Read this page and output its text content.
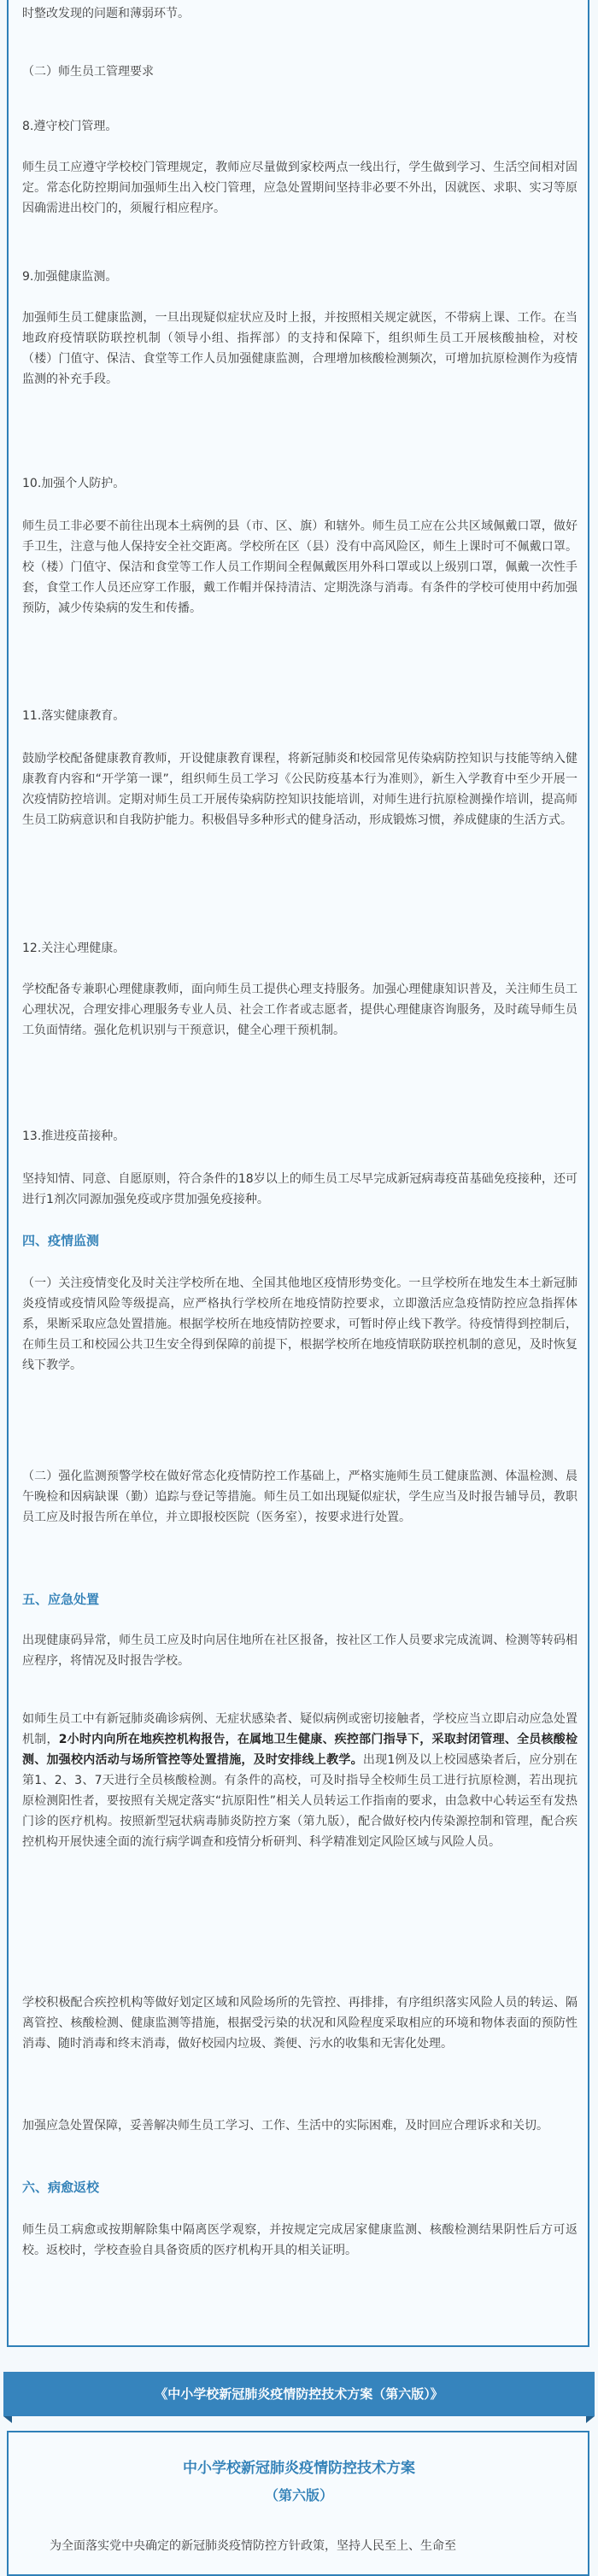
时整改发现的问题和薄弱环节。

（二）师生员工管理要求

8.遵守校门管理。

师生员工应遵守学校校门管理规定，教师应尽量做到家校两点一线出行，学生做到学习、生活空间相对固定。常态化防控期间加强师生出入校门管理，应急处置期间坚持非必要不外出，因就医、求职、实习等原因确需进出校门的，须履行相应程序。

9.加强健康监测。

加强师生员工健康监测，一旦出现疑似症状应及时上报，并按照相关规定就医，不带病上课、工作。在当地政府疫情联防联控机制（领导小组、指挥部）的支持和保障下，组织师生员工开展核酸抽检，对校（楼）门值守、保洁、食堂等工作人员加强健康监测，合理增加核酸检测频次，可增加抗原检测作为疫情监测的补充手段。

10.加强个人防护。

师生员工非必要不前往出现本土病例的县（市、区、旗）和辖外。师生员工应在公共区域佩戴口罩，做好手卫生，注意与他人保持安全社交距离。学校所在区（县）没有中高风险区，师生上课时可不佩戴口罩。校（楼）门值守、保洁和食堂等工作人员工作期间全程佩戴医用外科口罩或以上级别口罩，佩戴一次性手套，食堂工作人员还应穿工作服，戴工作帽并保持清洁、定期洗涤与消毒。有条件的学校可使用中药加强预防，减少传染病的发生和传播。

11.落实健康教育。

鼓励学校配备健康教育教师，开设健康教育课程，将新冠肺炎和校园常见传染病防控知识与技能等纳入健康教育内容和“开学第一课”，组织师生员工学习《公民防疫基本行为准则》，新生入学教育中至少开展一次疫情防控培训。定期对师生员工开展传染病防控知识技能培训，对师生进行抗原检测操作培训，提高师生员工防病意识和自我防护能力。积极倡导多种形式的健身活动，形成锻炼习惯，养成健康的生活方式。

12.关注心理健康。

学校配备专兼职心理健康教师，面向师生员工提供心理支持服务。加强心理健康知识普及，关注师生员工心理状况，合理安排心理服务专业人员、社会工作者或志愿者，提供心理健康咨询服务，及时疏导师生员工负面情绪。强化危机识别与干预意识，健全心理干预机制。

13.推进疫苗接种。

坚持知情、同意、自愿原则，符合条件的18岁以上的师生员工尽早完成新冠病毒疫苗基础免疫接种，还可进行1剂次同源加强免疫或序贯加强免疫接种。

四、疫情监测

（一）关注疫情变化及时关注学校所在地、全国其他地区疫情形势变化。一旦学校所在地发生本土新冠肺炎疫情或疫情风险等级提高，应严格执行学校所在地疫情防控要求，立即激活应急疫情防控应急指挥体系，果断采取应急处置措施。根据学校所在地疫情防控要求，可暂时停止线下教学。待疫情得到控制后，在师生员工和校园公共卫生安全得到保障的前提下，根据学校所在地疫情联防联控机制的意见，及时恢复线下教学。

（二）强化监测预警学校在做好常态化疫情防控工作基础上，严格实施师生员工健康监测、体温检测、晨午晚检和因病缺课（勤）追踪与登记等措施。师生员工如出现疑似症状，学生应当及时报告辅导员，教职员工应及时报告所在单位，并立即报校医院（医务室），按要求进行处置。

五、应急处置

出现健康码异常，师生员工应及时向居住地所在社区报备，按社区工作人员要求完成流调、检测等转码相应程序，将情况及时报告学校。

如师生员工中有新冠肺炎确诊病例、无症状感染者、疑似病例或密切接触者，学校应当立即启动应急处置机制，2小时内向所在地疾控机构报告，在属地卫生健康、疾控部门指导下，采取封闭管理、全员核酸检测、加强校内活动与场所管控等处置措施，及时安排线上教学。出现1例及以上校园感染者后，应分别在第1、2、3、7天进行全员核酸检测。有条件的高校，可及时指导全校师生员工进行抗原检测，若出现抗原检测阳性者，要按照有关规定落实“抗原阳性”相关人员转运工作指南的要求，由急救中心转运至有发热门诊的医疗机构。按照新型冠状病毒肺炎防控方案（第九版），配合做好校内传染源控制和管理，配合疾控机构开展快速全面的流行病学调查和疫情分析研判、科学精准划定风险区域与风险人员。

学校积极配合疾控机构等做好划定区域和风险场所的先管控、再排排，有序组织落实风险人员的转运、隔离管控、核酸检测、健康监测等措施，根据受污染的状况和风险程度采取相应的环境和物体表面的预防性消毒、随时消毒和终末消毒，做好校园内垃圾、粪便、污水的收集和无害化处理。

加强应急处置保障，妥善解决师生员工学习、工作、生活中的实际困难，及时回应合理诉求和关切。

六、病愈返校

师生员工病愈或按期解除集中隔离医学观察，并按规定完成居家健康监测、核酸检测结果阴性后方可返校。返校时，学校查验自具备资质的医疗机构开具的相关证明。

《中小学校新冠肺炎疫情防控技术方案（第六版）》

中小学校新冠肺炎疫情防控技术方案

（第六版）

为全面落实党中央确定的新冠肺炎疫情防控方针政策，坚持人民至上、生命至
